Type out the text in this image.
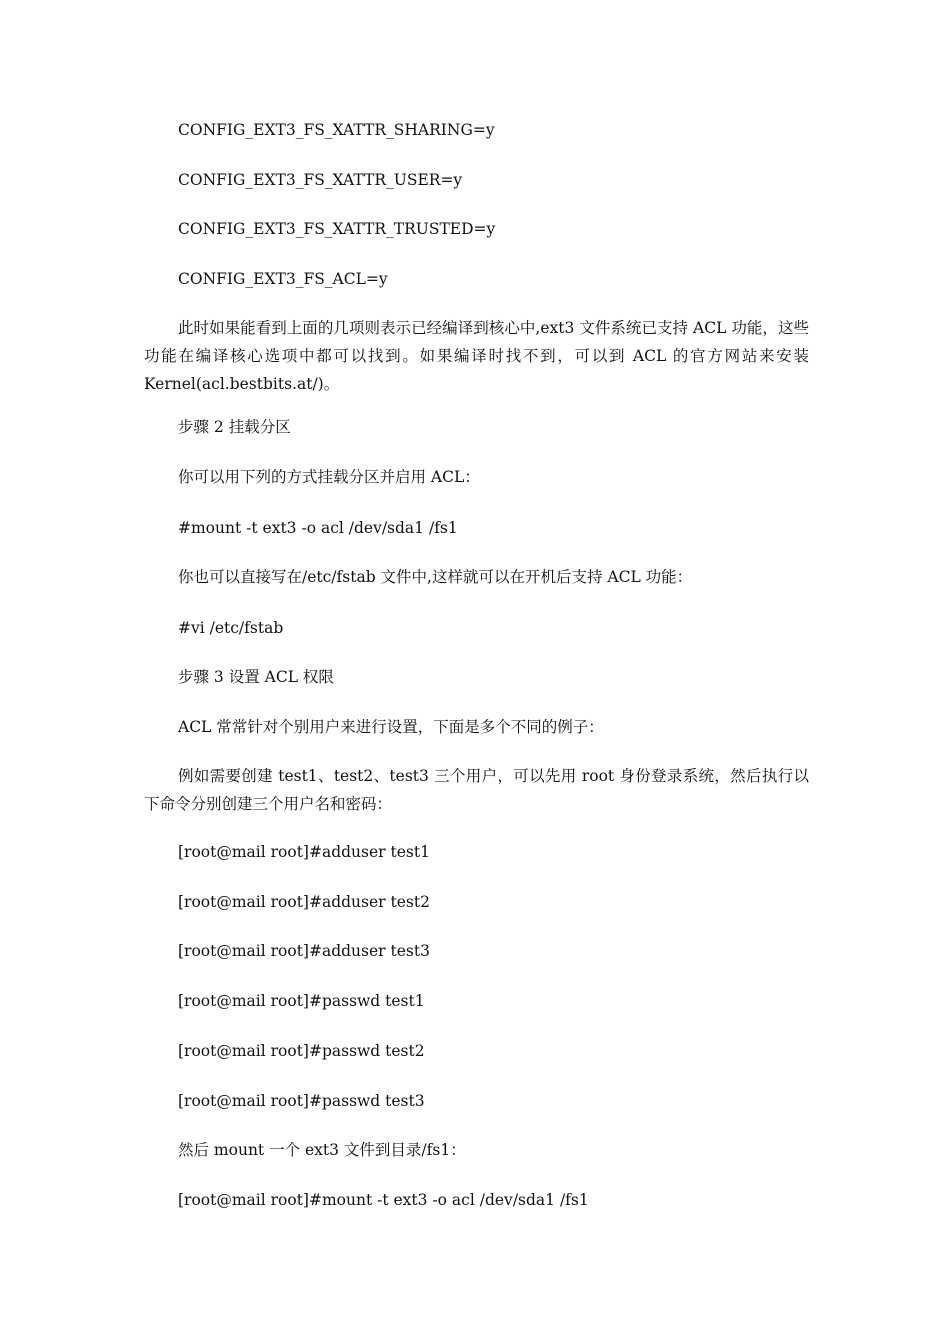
CONFIG_EXT3_FS_XATTR_SHARING=y
CONFIG_EXT3_FS_XATTR_USER=y
CONFIG_EXT3_FS_XATTR_TRUSTED=y
CONFIG_EXT3_FS_ACL=y
此时如果能看到上面的几项则表示已经编译到核心中,ext3 文件系统已支持 ACL 功能，这些功能在编译核心选项中都可以找到。如果编译时找不到，可以到 ACL 的官方网站来安装 Kernel(acl.bestbits.at/)。
步骤 2 挂载分区
你可以用下列的方式挂载分区并启用 ACL：
#mount -t ext3 -o acl /dev/sda1 /fs1
你也可以直接写在/etc/fstab 文件中,这样就可以在开机后支持 ACL 功能：
#vi /etc/fstab
步骤 3 设置 ACL 权限
ACL 常常针对个别用户来进行设置，下面是多个不同的例子：
例如需要创建 test1、test2、test3 三个用户，可以先用 root 身份登录系统，然后执行以下命令分别创建三个用户名和密码：
[root@mail root]#adduser test1
[root@mail root]#adduser test2
[root@mail root]#adduser test3
[root@mail root]#passwd test1
[root@mail root]#passwd test2
[root@mail root]#passwd test3
然后 mount 一个 ext3 文件到目录/fs1：
[root@mail root]#mount -t ext3 -o acl /dev/sda1 /fs1
